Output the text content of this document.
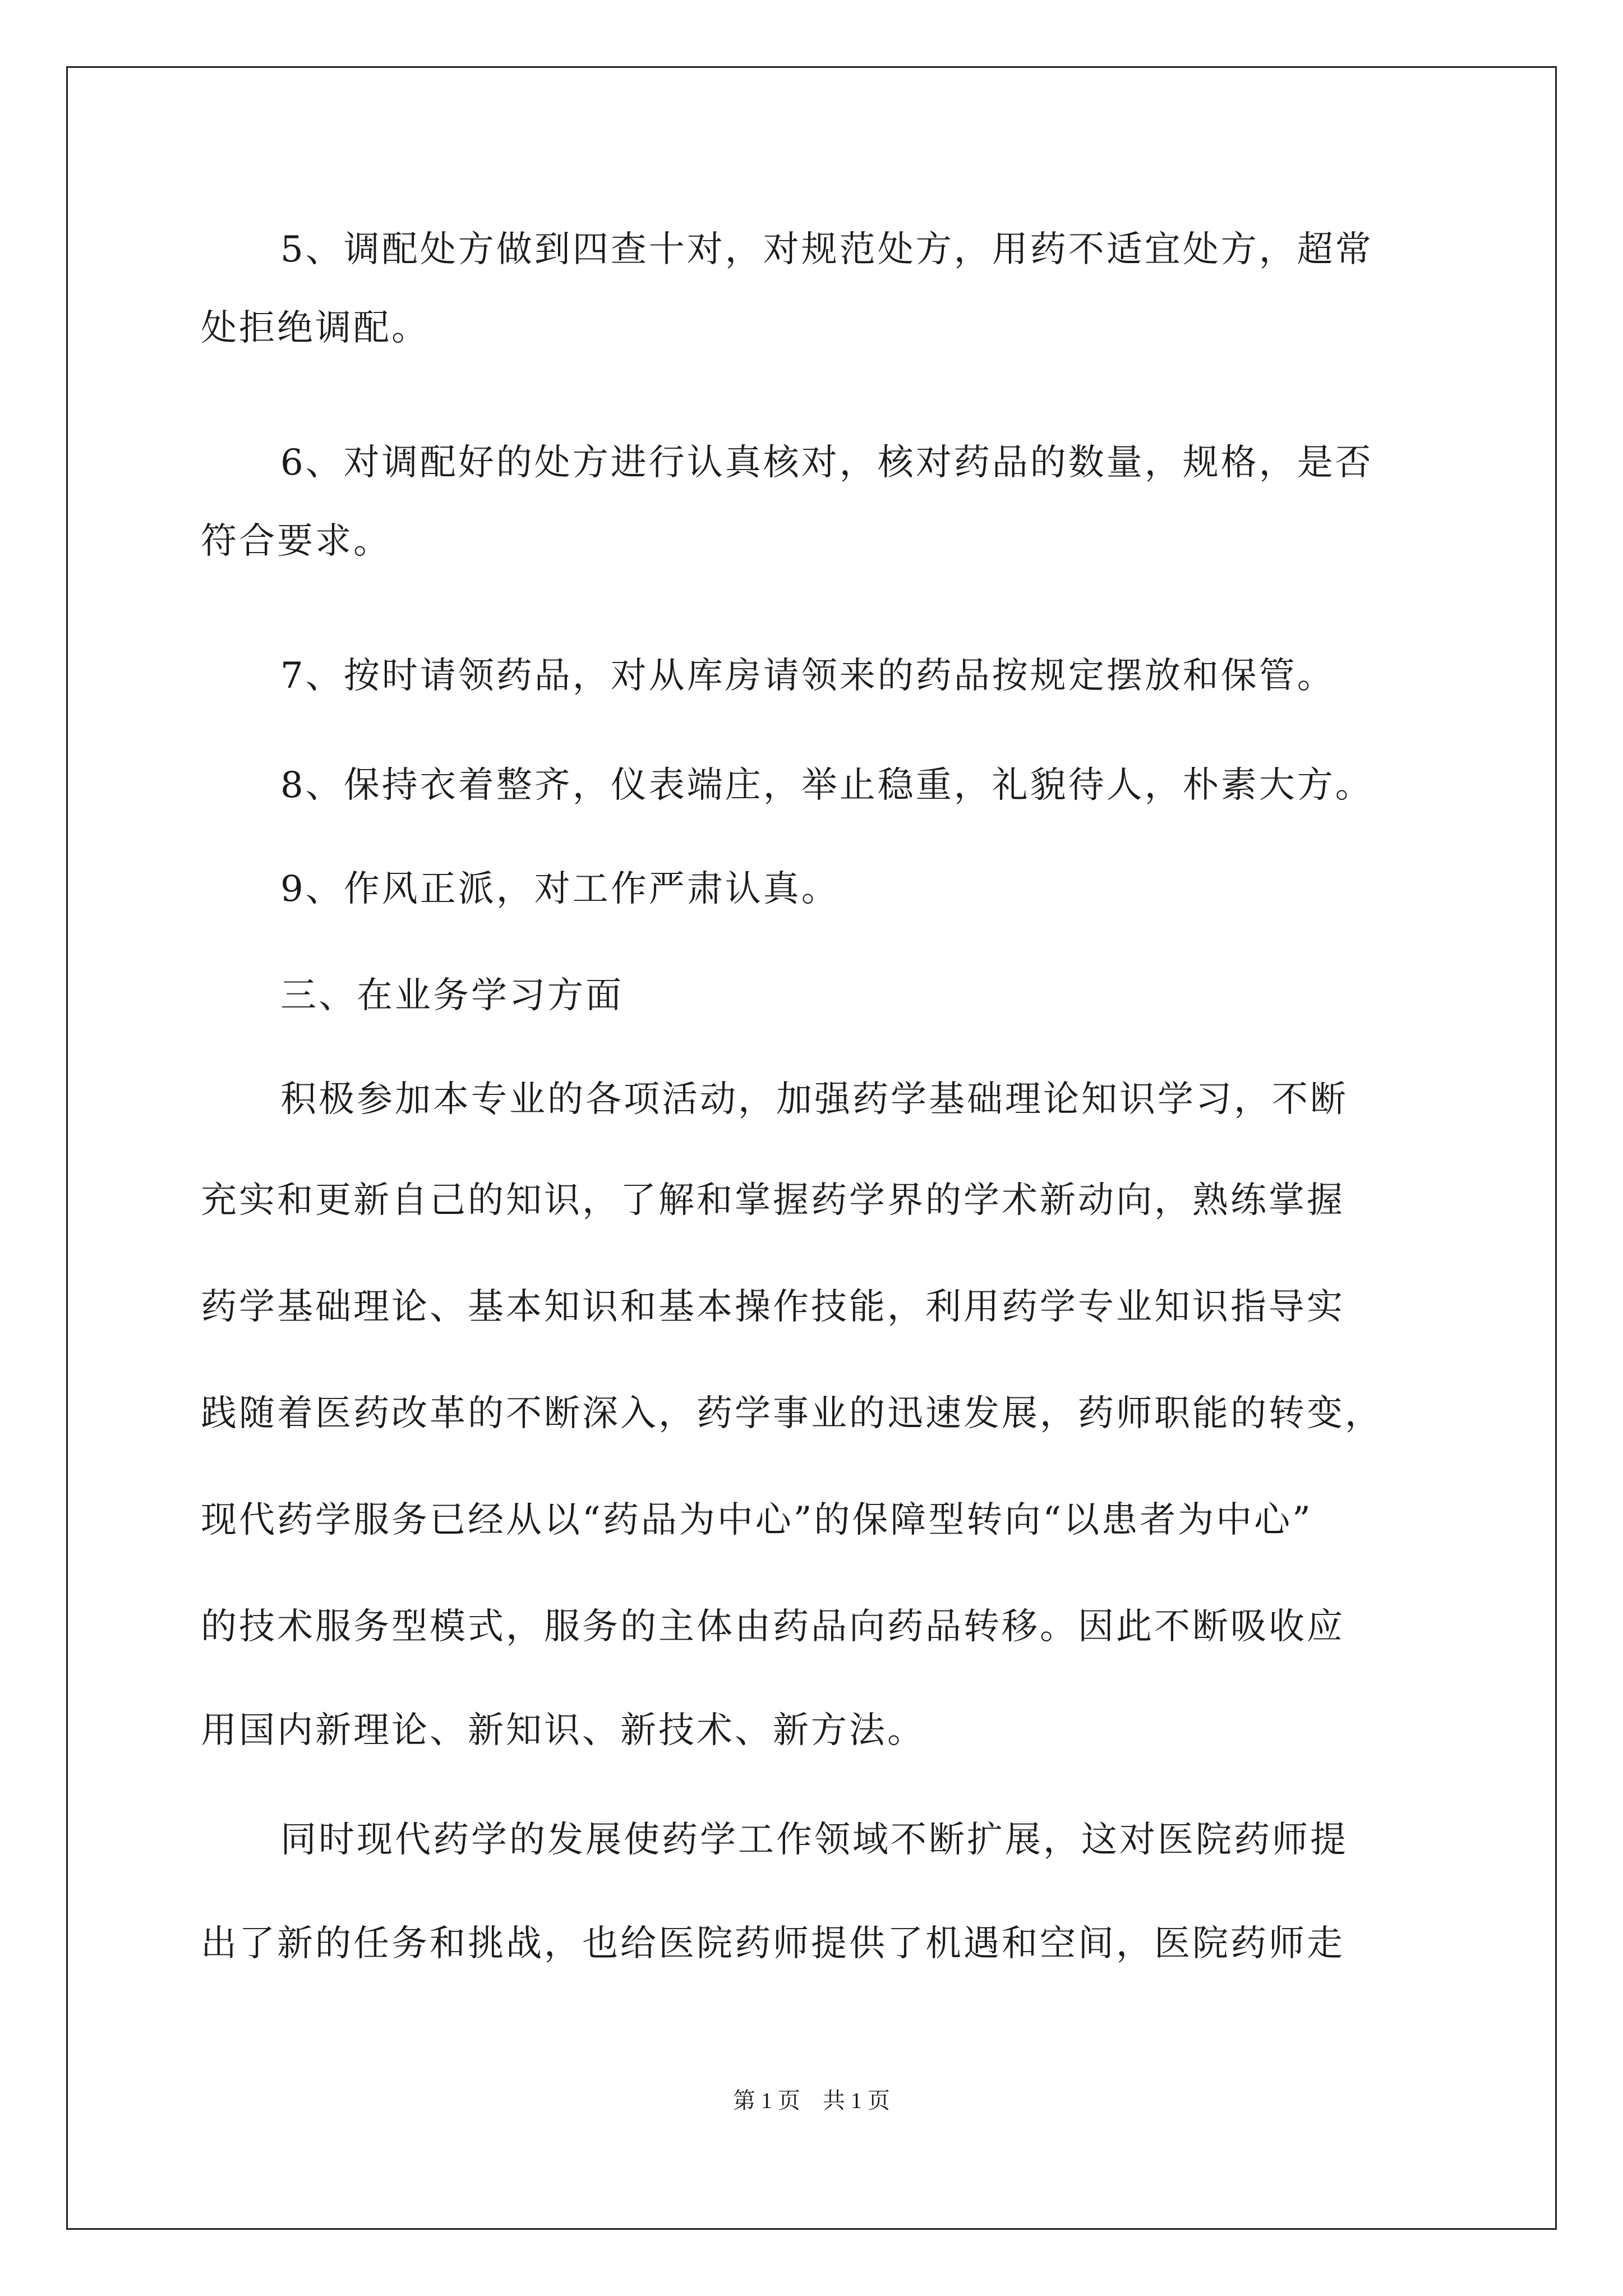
5、调配处方做到四查十对，对规范处方，用药不适宜处方，超常
处拒绝调配。
6、对调配好的处方进行认真核对，核对药品的数量，规格，是否
符合要求。
7、按时请领药品，对从库房请领来的药品按规定摆放和保管。
8、保持衣着整齐，仪表端庄，举止稳重，礼貌待人，朴素大方。
9、作风正派，对工作严肃认真。
三、在业务学习方面
积极参加本专业的各项活动，加强药学基础理论知识学习，不断
充实和更新自己的知识，了解和掌握药学界的学术新动向，熟练掌握
药学基础理论、基本知识和基本操作技能，利用药学专业知识指导实
践随着医药改革的不断深入，药学事业的迅速发展，药师职能的转变，
现代药学服务已经从以“药品为中心”的保障型转向“以患者为中心”
的技术服务型模式，服务的主体由药品向药品转移。因此不断吸收应
用国内新理论、新知识、新技术、新方法。
同时现代药学的发展使药学工作领域不断扩展，这对医院药师提
出了新的任务和挑战，也给医院药师提供了机遇和空间，医院药师走
第 1 页　共 1 页
